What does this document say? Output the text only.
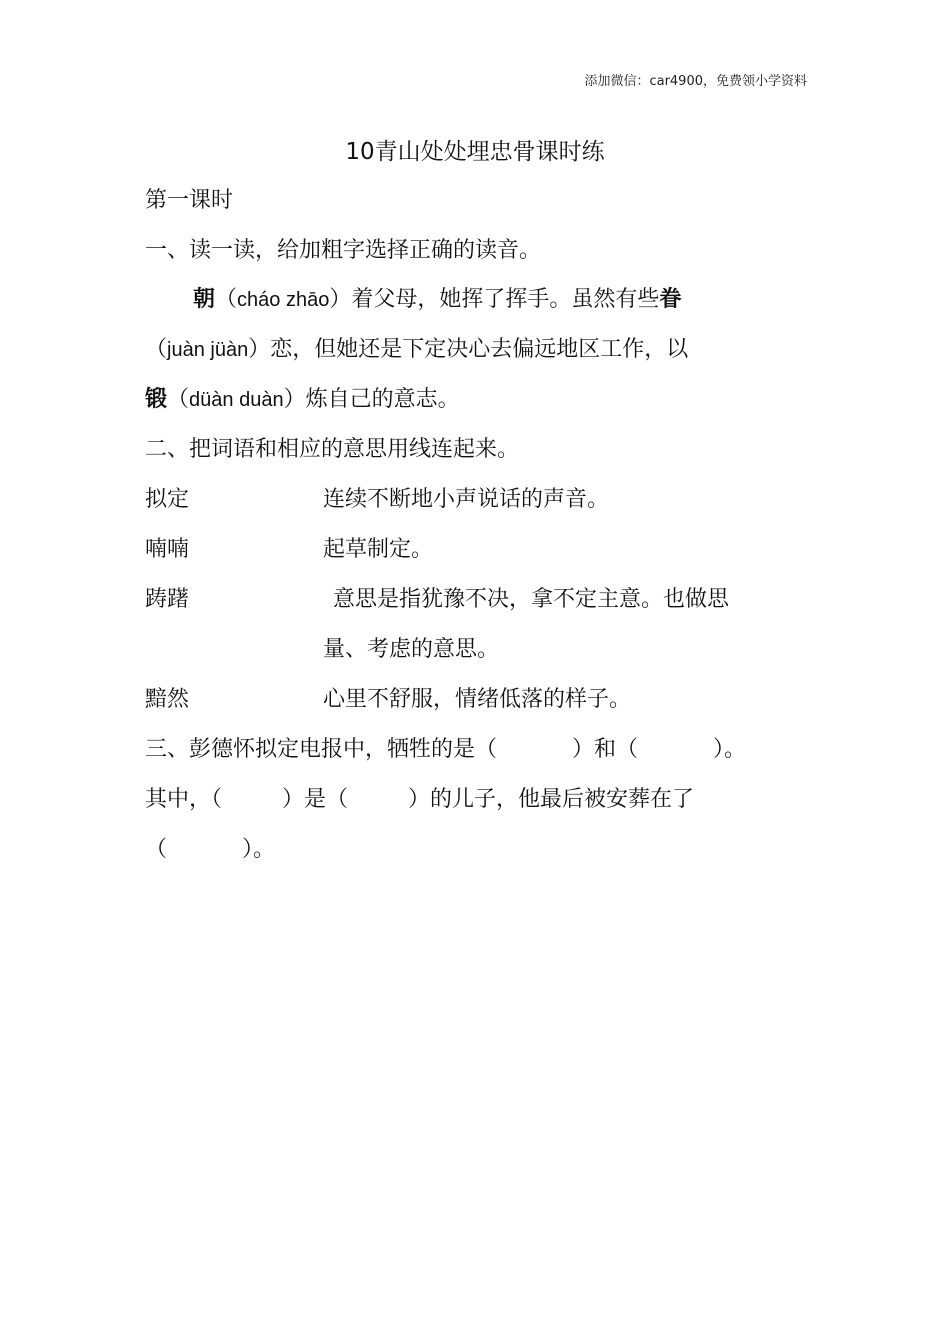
添加微信：car4900，免费领小学资料
10青山处处埋忠骨课时练
第一课时
一、读一读，给加粗字选择正确的读音。
朝（cháo zhāo）着父母，她挥了挥手。虽然有些眷
（juàn jüàn）恋，但她还是下定决心去偏远地区工作，以
锻（düàn duàn）炼自己的意志。
二、把词语和相应的意思用线连起来。
拟定	连续不断地小声说话的声音。
喃喃	起草制定。
踌躇	意思是指犹豫不决，拿不定主意。也做思
量、考虑的意思。
黯然	心里不舒服，情绪低落的样子。
三、彭德怀拟定电报中，牺牲的是（	）和（	）。
其中，（	）是（	）的儿子，他最后被安葬在了
（	）。
